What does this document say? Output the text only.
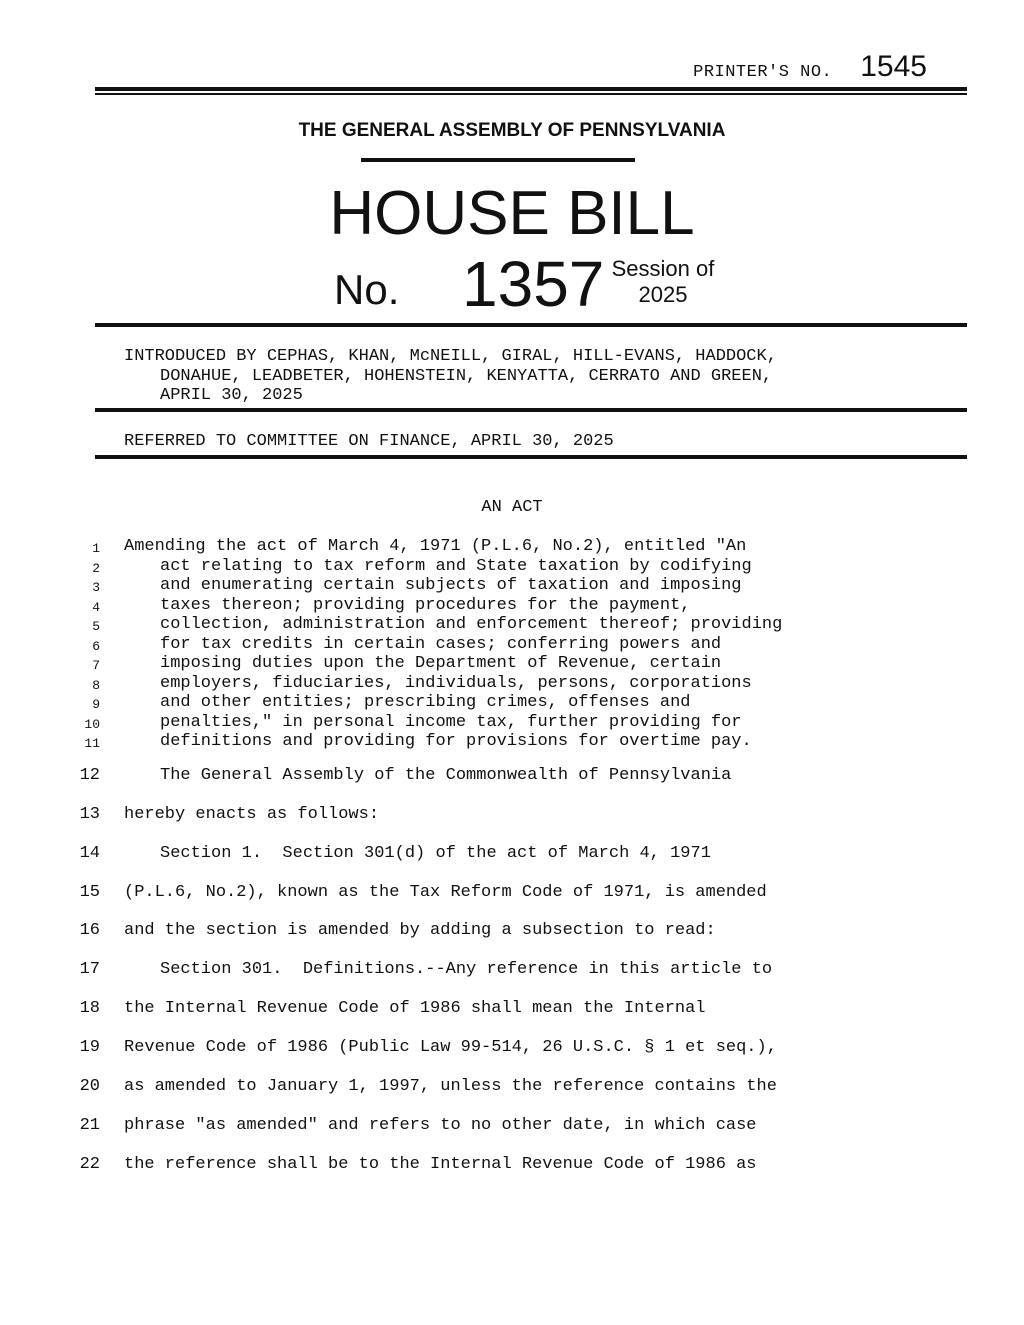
PRINTER'S NO. 1545
THE GENERAL ASSEMBLY OF PENNSYLVANIA
HOUSE BILL
No. 1357 Session of
2025
INTRODUCED BY CEPHAS, KHAN, McNEILL, GIRAL, HILL-EVANS, HADDOCK,
DONAHUE, LEADBETER, HOHENSTEIN, KENYATTA, CERRATO AND GREEN,
APRIL 30, 2025
REFERRED TO COMMITTEE ON FINANCE, APRIL 30, 2025
AN ACT
1 Amending the act of March 4, 1971 (P.L.6, No.2), entitled "An
2	act relating to tax reform and State taxation by codifying
3	and enumerating certain subjects of taxation and imposing
4	taxes thereon; providing procedures for the payment,
5	collection, administration and enforcement thereof; providing
6	for tax credits in certain cases; conferring powers and
7	imposing duties upon the Department of Revenue, certain
8	employers, fiduciaries, individuals, persons, corporations
9	and other entities; prescribing crimes, offenses and
10	penalties," in personal income tax, further providing for
11	definitions and providing for provisions for overtime pay.
12	The General Assembly of the Commonwealth of Pennsylvania
13 hereby enacts as follows:
14	Section 1.  Section 301(d) of the act of March 4, 1971
15 (P.L.6, No.2), known as the Tax Reform Code of 1971, is amended
16 and the section is amended by adding a subsection to read:
17	Section 301.  Definitions.--Any reference in this article to
18 the Internal Revenue Code of 1986 shall mean the Internal
19 Revenue Code of 1986 (Public Law 99-514, 26 U.S.C. § 1 et seq.),
20 as amended to January 1, 1997, unless the reference contains the
21 phrase "as amended" and refers to no other date, in which case
22 the reference shall be to the Internal Revenue Code of 1986 as
